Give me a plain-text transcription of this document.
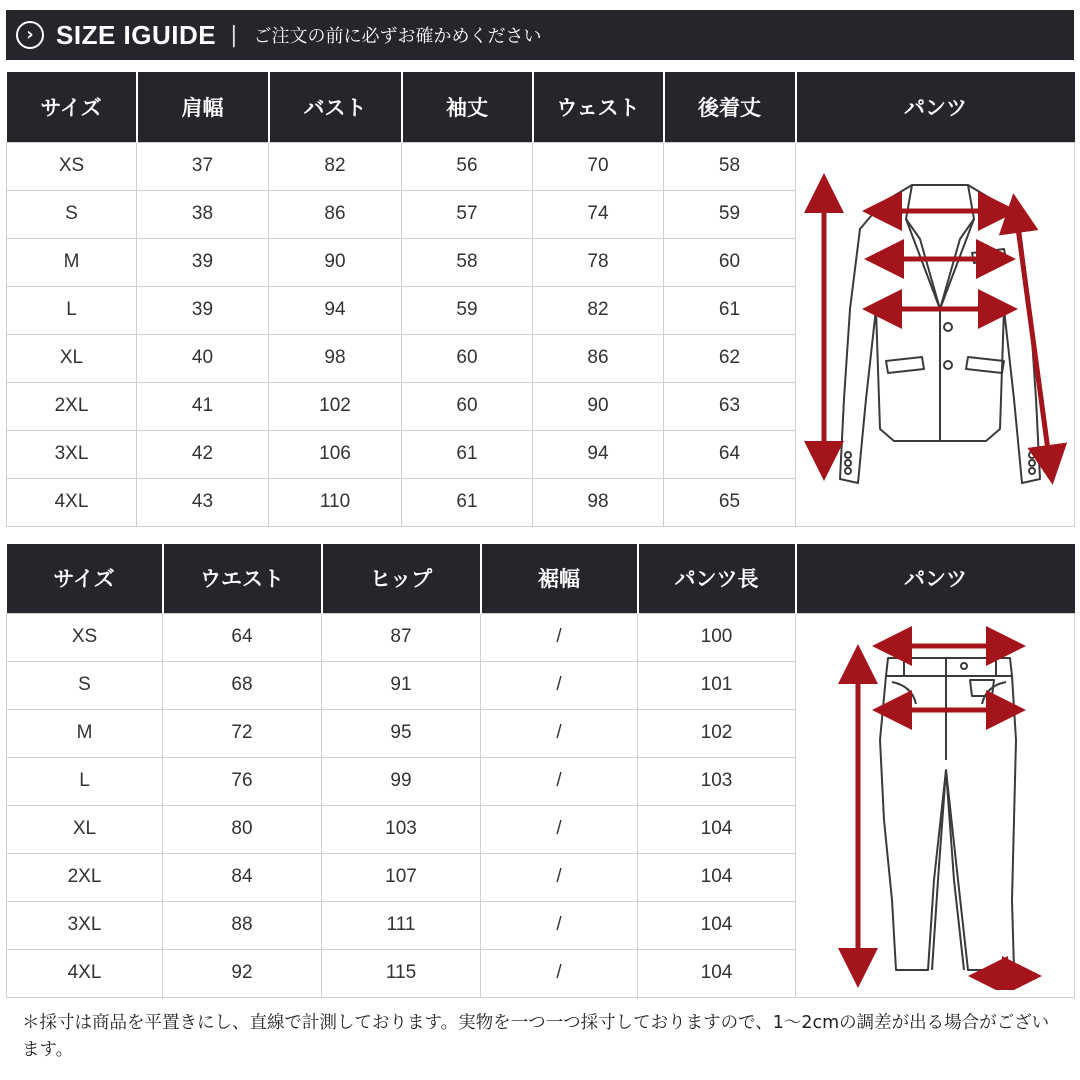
› SIZE IGUIDE | ご注文の前に必ずお確かめください
サイズ	肩幅	バスト	袖丈	ウェスト	後着丈	パンツ
XS	37	82	56	70	58	

S	38	86	57	74	59	
M	39	90	58	78	60	
L	39	94	59	82	61	
XL	40	98	60	86	62	
2XL	41	102	60	90	63	
3XL	42	106	61	94	64	
4XL	43	110	61	98	65	
サイズ	ウエスト	ヒップ	裾幅	パンツ長	パンツ
XS	64	87	/	100	

S	68	91	/	101	
M	72	95	/	102	
L	76	99	/	103	
XL	80	103	/	104	
2XL	84	107	/	104	
3XL	88	111	/	104	
4XL	92	115	/	104	

＊採寸は商品を平置きにし、直線で計測しております。実物を一つ一つ採寸しておりますので、1〜2cmの調差が出る場合がございます。
